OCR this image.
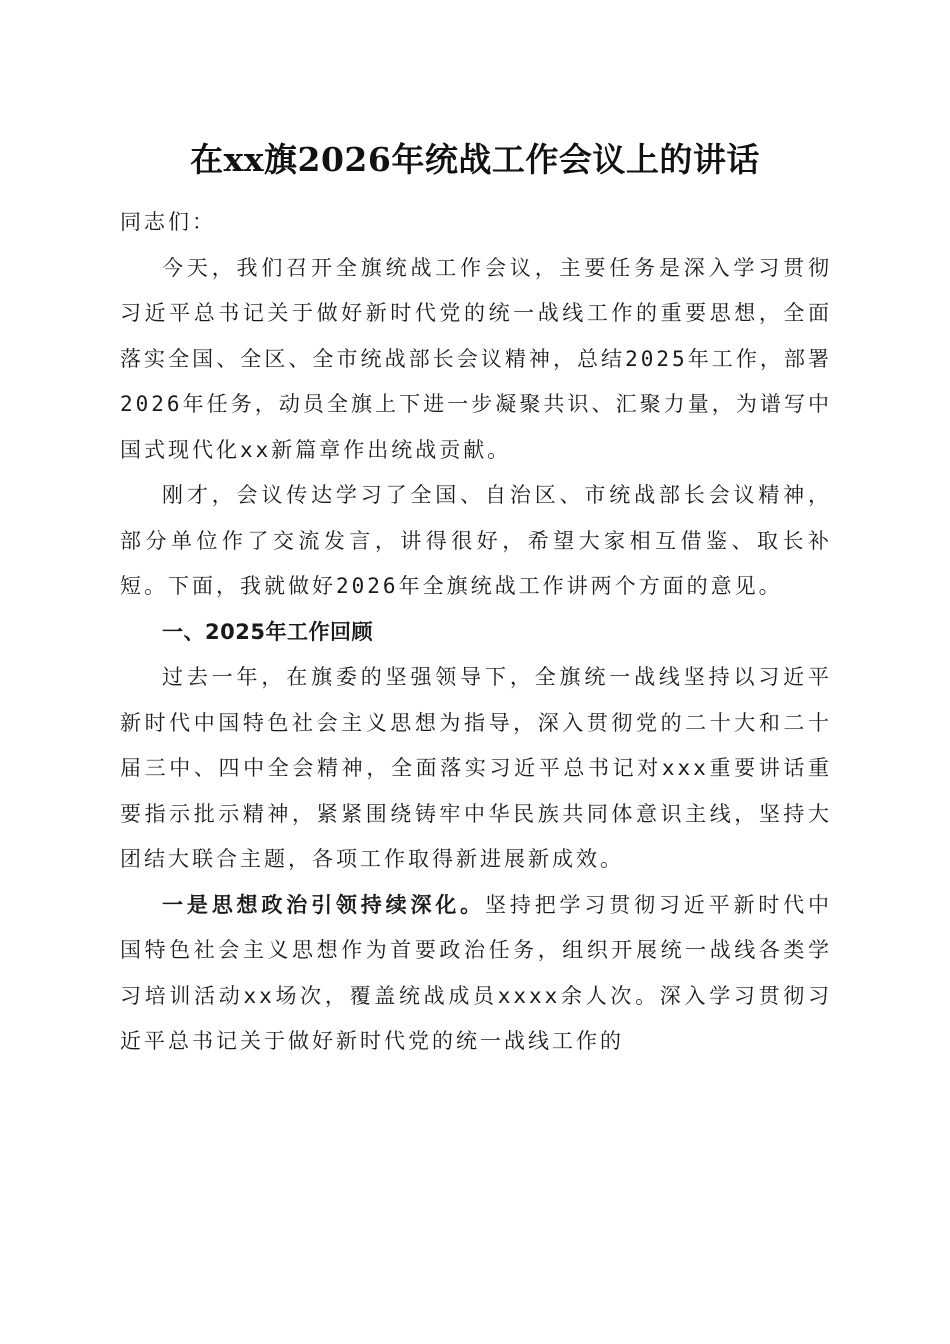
在xx旗2026年统战工作会议上的讲话

同志们：

今天，我们召开全旗统战工作会议，主要任务是深入学习贯彻习近平总书记关于做好新时代党的统一战线工作的重要思想，全面落实全国、全区、全市统战部长会议精神，总结2025年工作，部署2026年任务，动员全旗上下进一步凝聚共识、汇聚力量，为谱写中国式现代化xx新篇章作出统战贡献。

刚才，会议传达学习了全国、自治区、市统战部长会议精神，部分单位作了交流发言，讲得很好，希望大家相互借鉴、取长补短。下面，我就做好2026年全旗统战工作讲两个方面的意见。

一、2025年工作回顾

过去一年，在旗委的坚强领导下，全旗统一战线坚持以习近平新时代中国特色社会主义思想为指导，深入贯彻党的二十大和二十届三中、四中全会精神，全面落实习近平总书记对xxx重要讲话重要指示批示精神，紧紧围绕铸牢中华民族共同体意识主线，坚持大团结大联合主题，各项工作取得新进展新成效。

一是思想政治引领持续深化。坚持把学习贯彻习近平新时代中国特色社会主义思想作为首要政治任务，组织开展统一战线各类学习培训活动xx场次，覆盖统战成员xxxx余人次。深入学习贯彻习近平总书记关于做好新时代党的统一战线工作的
